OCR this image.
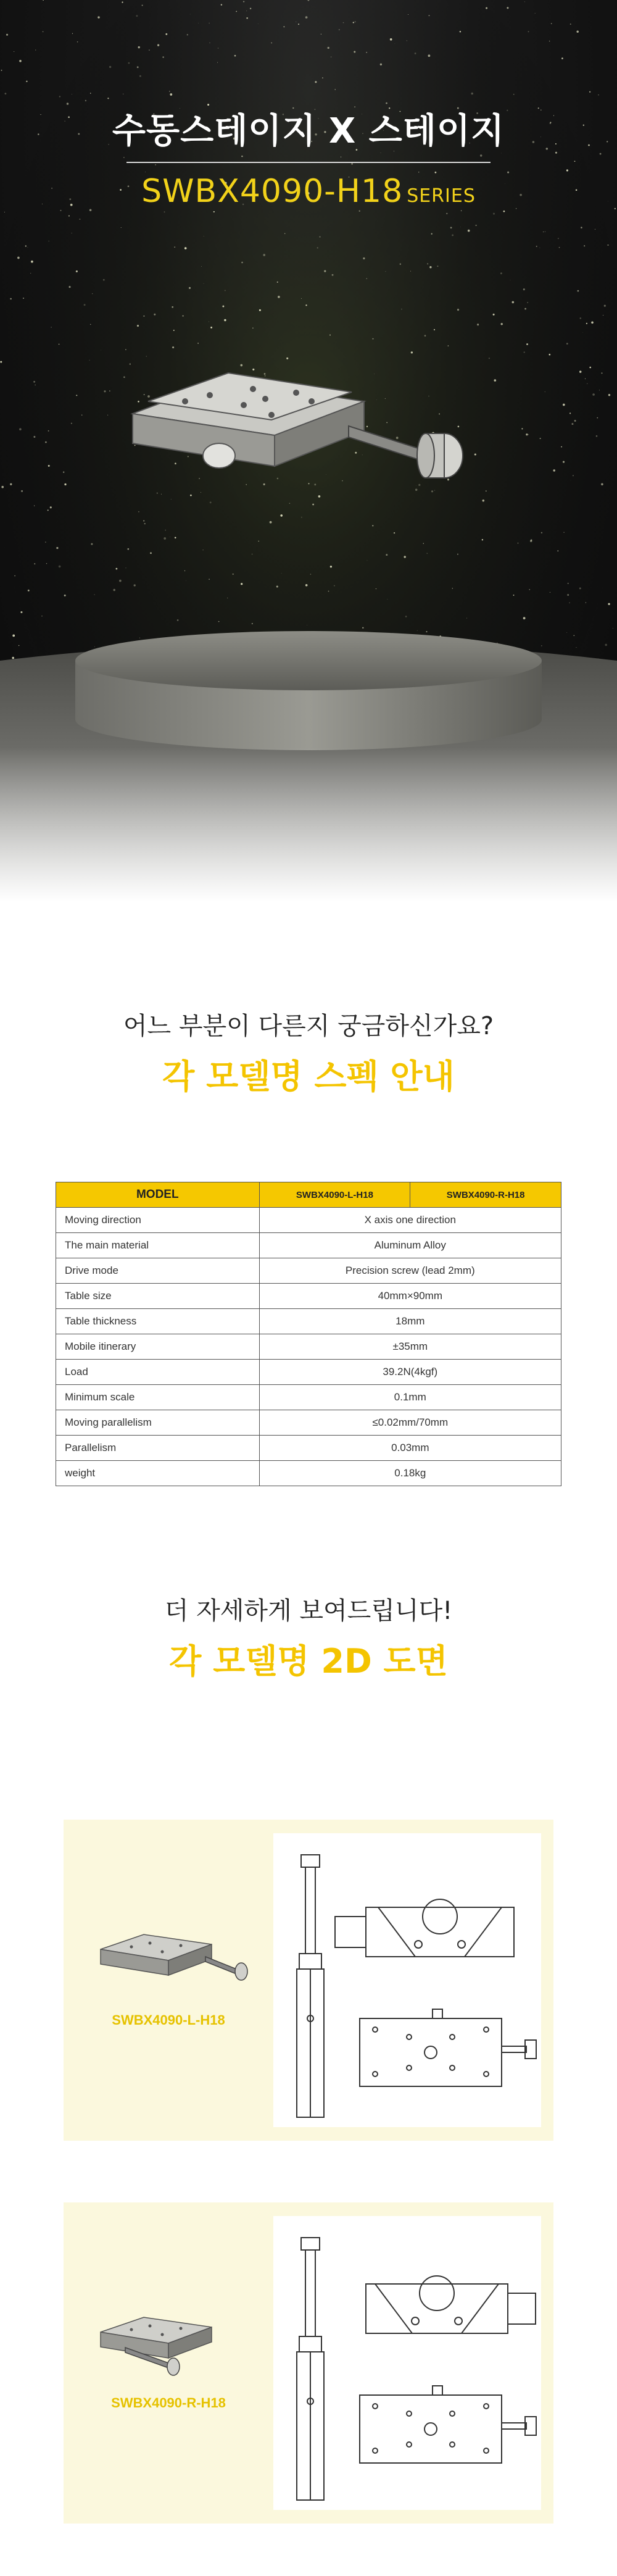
수동스테이지 X 스테이지
SWBX4090-H18 SERIES
어느 부분이 다른지 궁금하신가요?
각 모델명 스펙 안내
MODEL	SWBX4090-L-H18	SWBX4090-R-H18
Moving direction	X axis one direction	
The main material	Aluminum Alloy	
Drive mode	Precision screw (lead 2mm)	
Table size	40mm×90mm	
Table thickness	18mm	
Mobile itinerary	±35mm	
Load	39.2N(4kgf)	
Minimum scale	0.1mm	
Moving parallelism	≤0.02mm/70mm	
Parallelism	0.03mm	
weight	0.18kg	
더 자세하게 보여드립니다!
각 모델명 2D 도면
SWBX4090-L-H18
SWBX4090-R-H18
